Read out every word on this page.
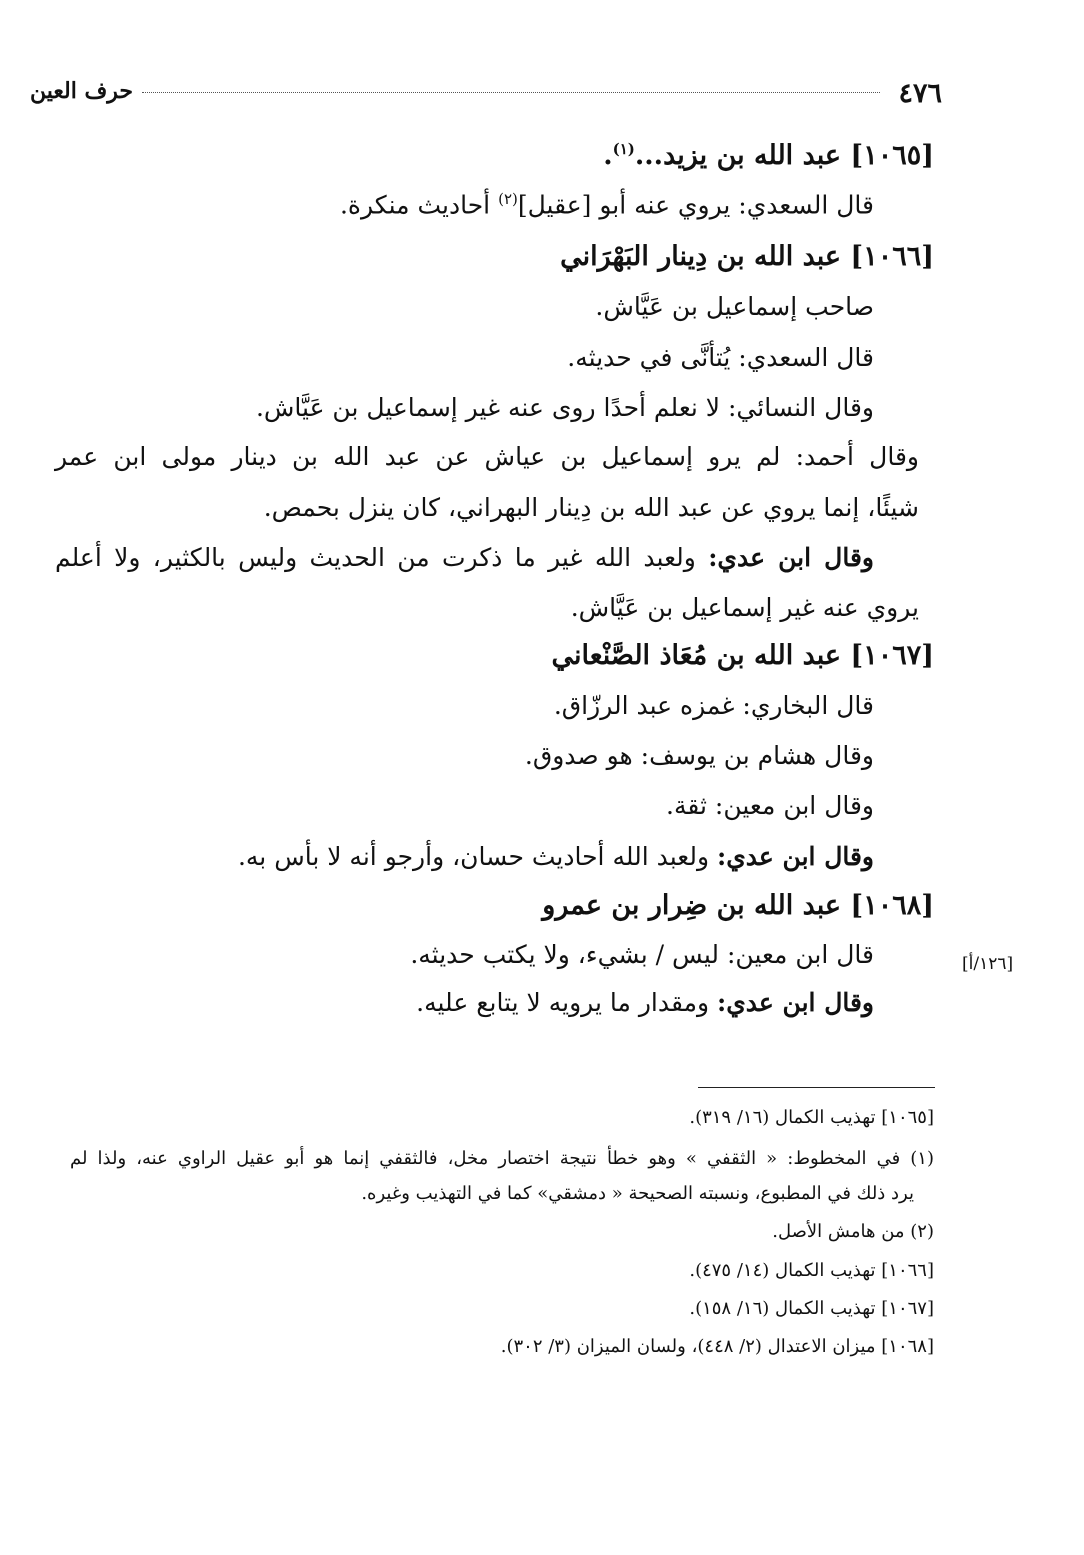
٤٧٦
حرف العين
[١٠٦٥] عبد الله بن يزيد...$^{(١)}$.
قال السعدي: يروي عنه أبو [عقيل]$^{(٢)}$ أحاديث منكرة.
[١٠٦٦] عبد الله بن دِينار البَهْرَاني
صاحب إسماعيل بن عَيَّاش.
قال السعدي: يُتأنَّى في حديثه.
وقال النسائي: لا نعلم أحدًا روى عنه غير إسماعيل بن عَيَّاش.
وقال أحمد: لم يرو إسماعيل بن عياش عن عبد الله بن دينار مولى ابن عمر
شيئًا، إنما يروي عن عبد الله بن دِينار البهراني، كان ينزل بحمص.
وقال ابن عدي: ولعبد الله غير ما ذكرت من الحديث وليس بالكثير، ولا أعلم
يروي عنه غير إسماعيل بن عَيَّاش.
[١٠٦٧] عبد الله بن مُعَاذ الصَّنْعاني
قال البخاري: غمزه عبد الرزّاق.
وقال هشام بن يوسف: هو صدوق.
وقال ابن معين: ثقة.
وقال ابن عدي: ولعبد الله أحاديث حسان، وأرجو أنه لا بأس به.
[١٠٦٨] عبد الله بن ضِرار بن عمرو
قال ابن معين: ليس / بشيء، ولا يكتب حديثه.
وقال ابن عدي: ومقدار ما يرويه لا يتابع عليه.
[١٢٦/أ]
[١٠٦٥] تهذيب الكمال (١٦/ ٣١٩).
(١) في المخطوط: « الثقفي » وهو خطأ نتيجة اختصار مخل، فالثقفي إنما هو أبو عقيل الراوي عنه، ولذا لم
يرد ذلك في المطبوع، ونسبته الصحيحة « دمشقي» كما في التهذيب وغيره.
(٢) من هامش الأصل.
[١٠٦٦] تهذيب الكمال (١٤/ ٤٧٥).
[١٠٦٧] تهذيب الكمال (١٦/ ١٥٨).
[١٠٦٨] ميزان الاعتدال (٢/ ٤٤٨)، ولسان الميزان (٣/ ٣٠٢).
